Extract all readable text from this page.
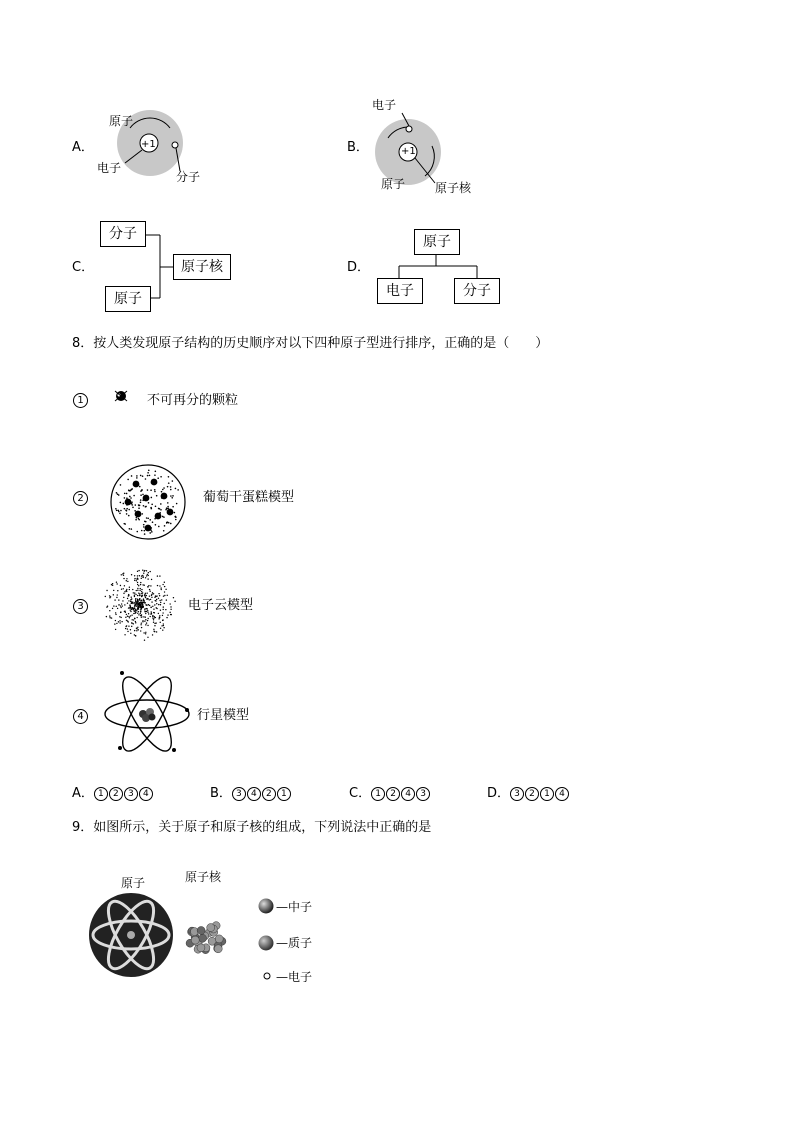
A．	+1
原子
电子
分子
B．	+1
电子
原子 原子核
C．
分子
原子
原子核	D．
原子
电子	分子
8．按人类发现原子结构的历史顺序对以下四种原子型进行排序，正确的是（　　）
1	不可再分的颗粒
2	葡萄干蛋糕模型
3	电子云模型
4	行星模型
A． 1 2 3 4	B． 3 4 2 1	C． 1 2 4 3	D． 3 2 1 4
9．如图所示，关于原子和原子核的组成，下列说法中正确的是
原子	原子核
—中子
—质子
—电子
